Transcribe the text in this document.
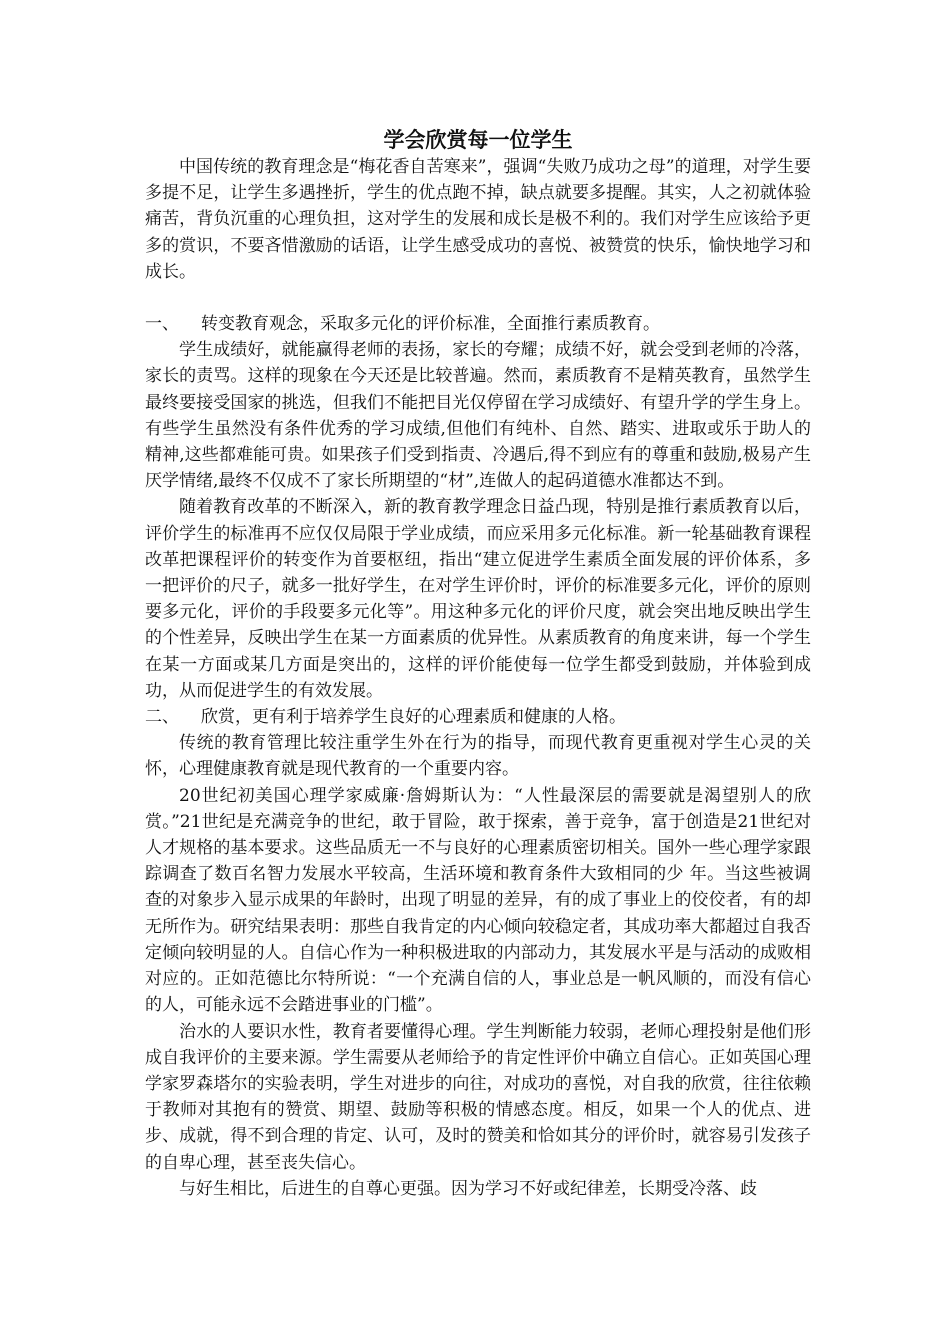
学会欣赏每一位学生

中国传统的教育理念是“梅花香自苦寒来”，强调“失败乃成功之母”的道理，对学生要多提不足，让学生多遇挫折，学生的优点跑不掉，缺点就要多提醒。其实，人之初就体验痛苦，背负沉重的心理负担，这对学生的发展和成长是极不利的。我们对学生应该给予更多的赏识，不要吝惜激励的话语，让学生感受成功的喜悦、被赞赏的快乐，愉快地学习和成长。

一、 转变教育观念，采取多元化的评价标准，全面推行素质教育。

学生成绩好，就能赢得老师的表扬，家长的夸耀；成绩不好，就会受到老师的冷落，家长的责骂。这样的现象在今天还是比较普遍。然而，素质教育不是精英教育，虽然学生最终要接受国家的挑选，但我们不能把目光仅停留在学习成绩好、有望升学的学生身上。有些学生虽然没有条件优秀的学习成绩,但他们有纯朴、自然、踏实、进取或乐于助人的精神,这些都难能可贵。如果孩子们受到指责、冷遇后,得不到应有的尊重和鼓励,极易产生厌学情绪,最终不仅成不了家长所期望的“材”,连做人的起码道德水准都达不到。

随着教育改革的不断深入，新的教育教学理念日益凸现，特别是推行素质教育以后，评价学生的标准再不应仅仅局限于学业成绩，而应采用多元化标准。新一轮基础教育课程改革把课程评价的转变作为首要枢纽，指出“建立促进学生素质全面发展的评价体系，多一把评价的尺子，就多一批好学生，在对学生评价时，评价的标准要多元化，评价的原则要多元化，评价的手段要多元化等”。用这种多元化的评价尺度，就会突出地反映出学生的个性差异，反映出学生在某一方面素质的优异性。从素质教育的角度来讲，每一个学生在某一方面或某几方面是突出的，这样的评价能使每一位学生都受到鼓励，并体验到成功，从而促进学生的有效发展。

二、 欣赏，更有利于培养学生良好的心理素质和健康的人格。

传统的教育管理比较注重学生外在行为的指导，而现代教育更重视对学生心灵的关怀，心理健康教育就是现代教育的一个重要内容。

20世纪初美国心理学家威廉·詹姆斯认为：“人性最深层的需要就是渴望别人的欣赏。”21世纪是充满竞争的世纪，敢于冒险，敢于探索，善于竞争，富于创造是21世纪对人才规格的基本要求。这些品质无一不与良好的心理素质密切相关。国外一些心理学家跟踪调查了数百名智力发展水平较高，生活环境和教育条件大致相同的少 年。当这些被调查的对象步入显示成果的年龄时，出现了明显的差异，有的成了事业上的佼佼者，有的却无所作为。研究结果表明：那些自我肯定的内心倾向较稳定者，其成功率大都超过自我否定倾向较明显的人。自信心作为一种积极进取的内部动力，其发展水平是与活动的成败相对应的。正如范德比尔特所说：“一个充满自信的人，事业总是一帆风顺的，而没有信心的人，可能永远不会踏进事业的门槛”。

治水的人要识水性，教育者要懂得心理。学生判断能力较弱，老师心理投射是他们形成自我评价的主要来源。学生需要从老师给予的肯定性评价中确立自信心。正如英国心理学家罗森塔尔的实验表明，学生对进步的向往，对成功的喜悦，对自我的欣赏，往往依赖于教师对其抱有的赞赏、期望、鼓励等积极的情感态度。相反，如果一个人的优点、进步、成就，得不到合理的肯定、认可，及时的赞美和恰如其分的评价时，就容易引发孩子的自卑心理，甚至丧失信心。

与好生相比，后进生的自尊心更强。因为学习不好或纪律差，长期受冷落、歧
